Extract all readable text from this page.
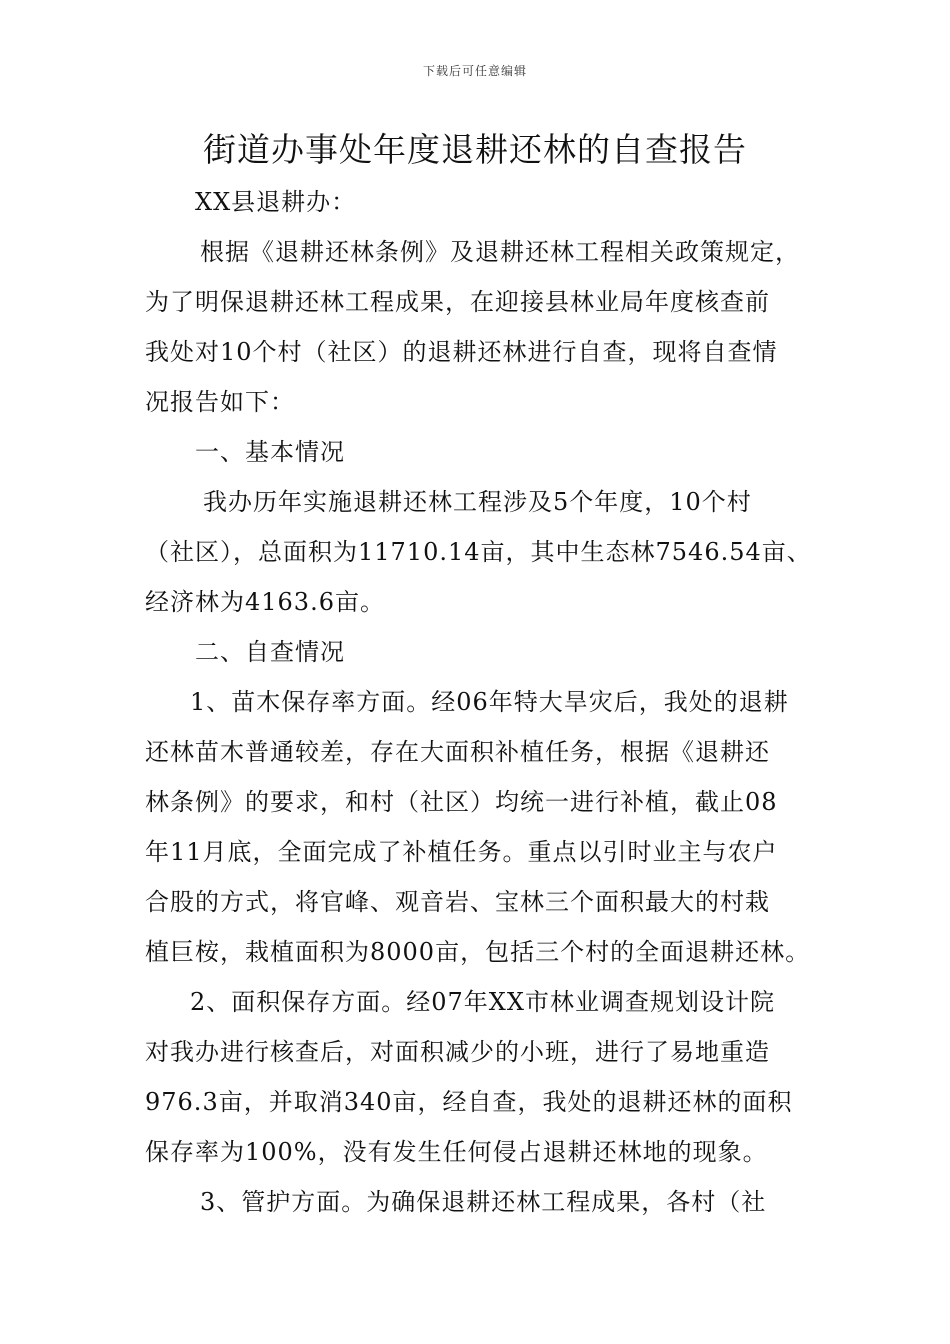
下载后可任意编辑
街道办事处年度退耕还林的自查报告
XX县退耕办：
根据《退耕还林条例》及退耕还林工程相关政策规定，
为了明保退耕还林工程成果，在迎接县林业局年度核查前
我处对10个村（社区）的退耕还林进行自查，现将自查情
况报告如下：
一、基本情况
我办历年实施退耕还林工程涉及5个年度，10个村
（社区），总面积为11710.14亩，其中生态林7546.54亩、
经济林为4163.6亩。
二、自查情况
1、苗木保存率方面。经06年特大旱灾后，我处的退耕
还林苗木普通较差，存在大面积补植任务，根据《退耕还
林条例》的要求，和村（社区）均统一进行补植，截止08
年11月底，全面完成了补植任务。重点以引时业主与农户
合股的方式，将官峰、观音岩、宝林三个面积最大的村栽
植巨桉，栽植面积为8000亩，包括三个村的全面退耕还林。
2、面积保存方面。经07年XX市林业调查规划设计院
对我办进行核查后，对面积减少的小班，进行了易地重造
976.3亩，并取消340亩，经自查，我处的退耕还林的面积
保存率为100%，没有发生任何侵占退耕还林地的现象。
3、管护方面。为确保退耕还林工程成果，各村（社
